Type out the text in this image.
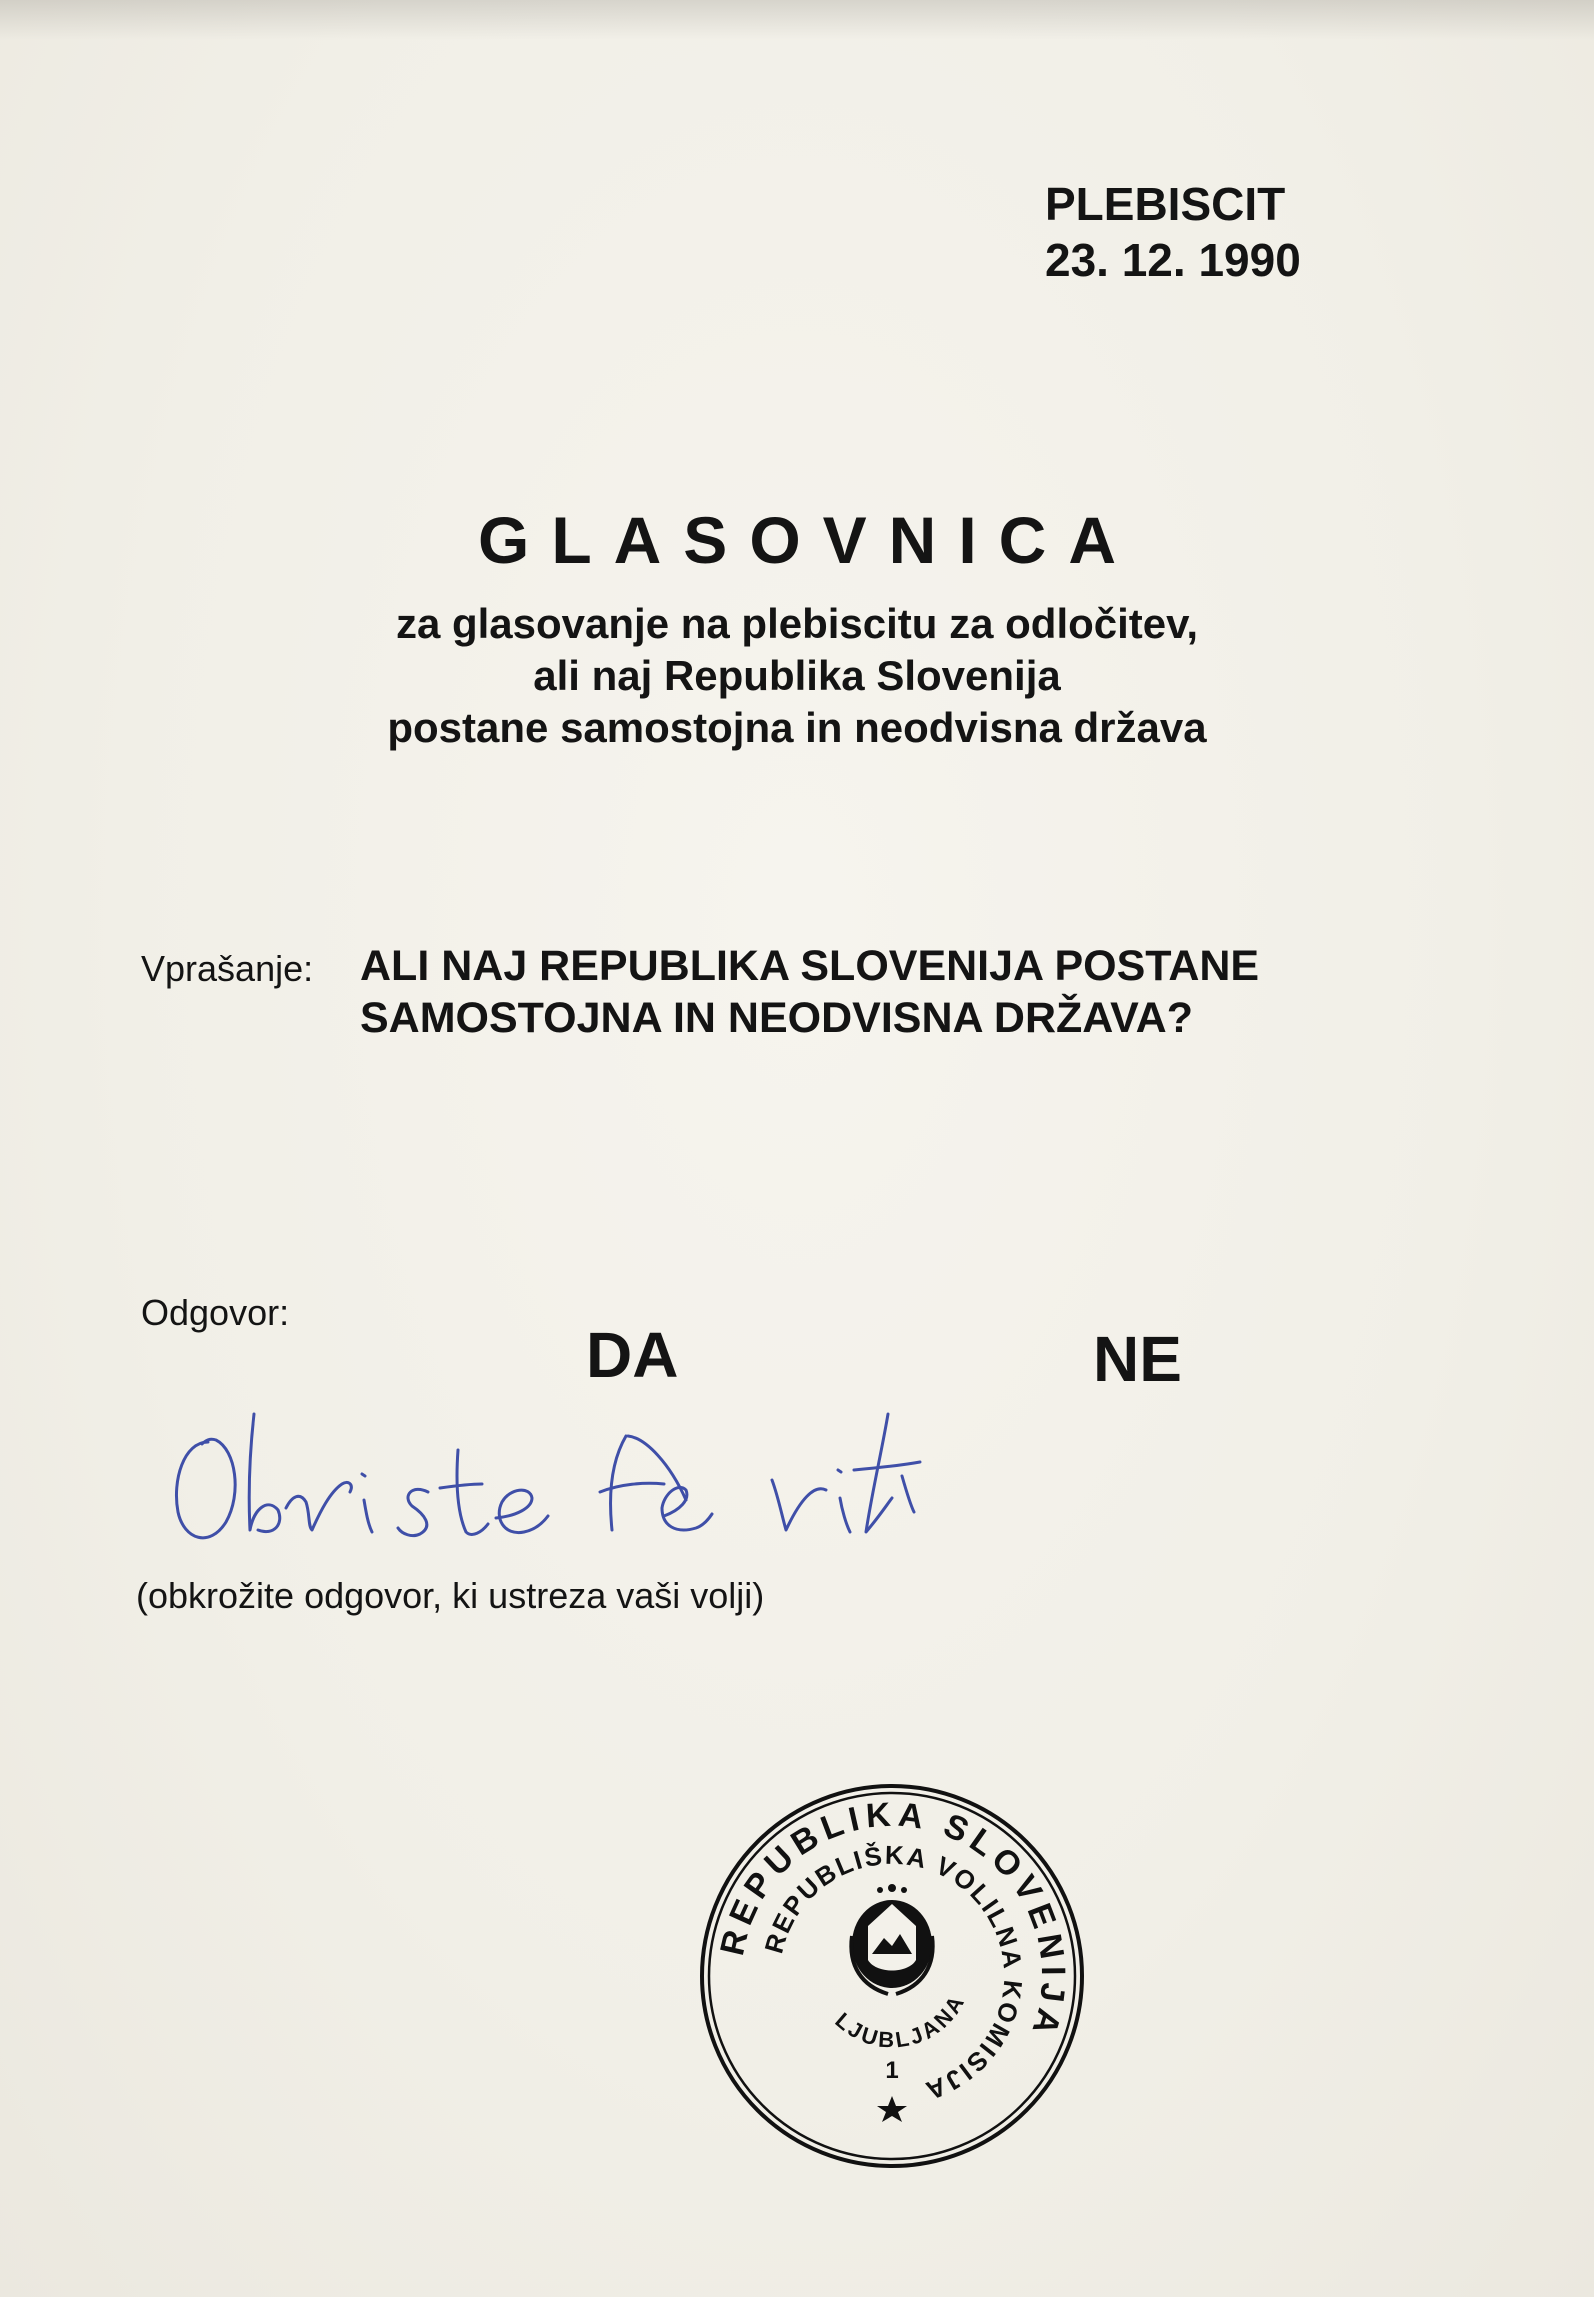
PLEBISCIT
23. 12. 1990
GLASOVNICA
za glasovanje na plebiscitu za odločitev,
ali naj Republika Slovenija
postane samostojna in neodvisna država
Vprašanje: ALI NAJ REPUBLIKA SLOVENIJA POSTANE
SAMOSTOJNA IN NEODVISNA DRŽAVA?
Odgovor:
DA	NE
(obkrožite odgovor, ki ustreza vaši volji)
REPUBLIKA SLOVENIJA
REPUBLIŠKA VOLILNA KOMISIJA
LJUBLJANA
1
